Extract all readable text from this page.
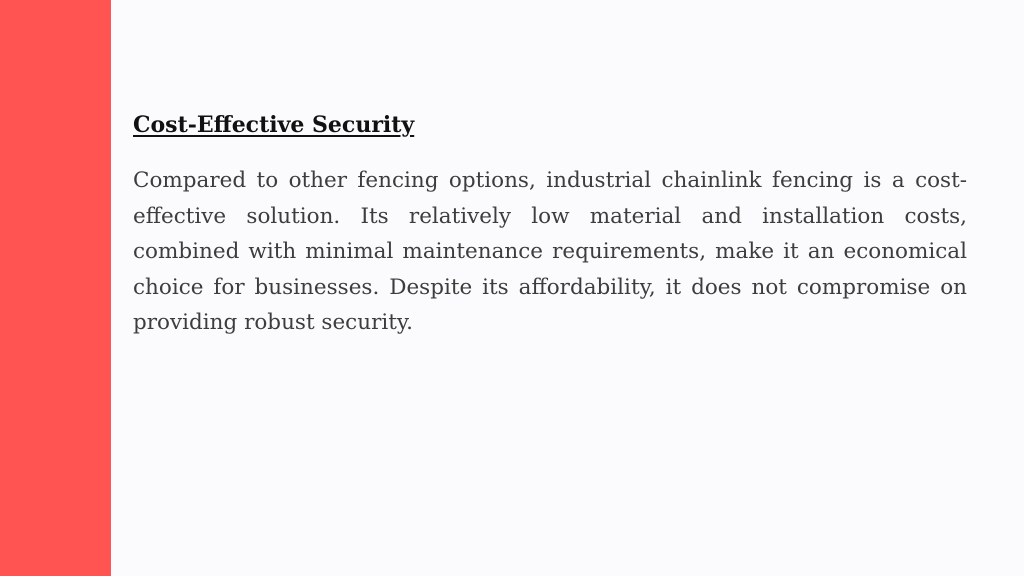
Cost-Effective Security

Compared to other fencing options, industrial chainlink fencing is a cost-effective solution. Its relatively low material and installation costs, combined with minimal maintenance requirements, make it an economical choice for businesses. Despite its affordability, it does not compromise on providing robust security.
